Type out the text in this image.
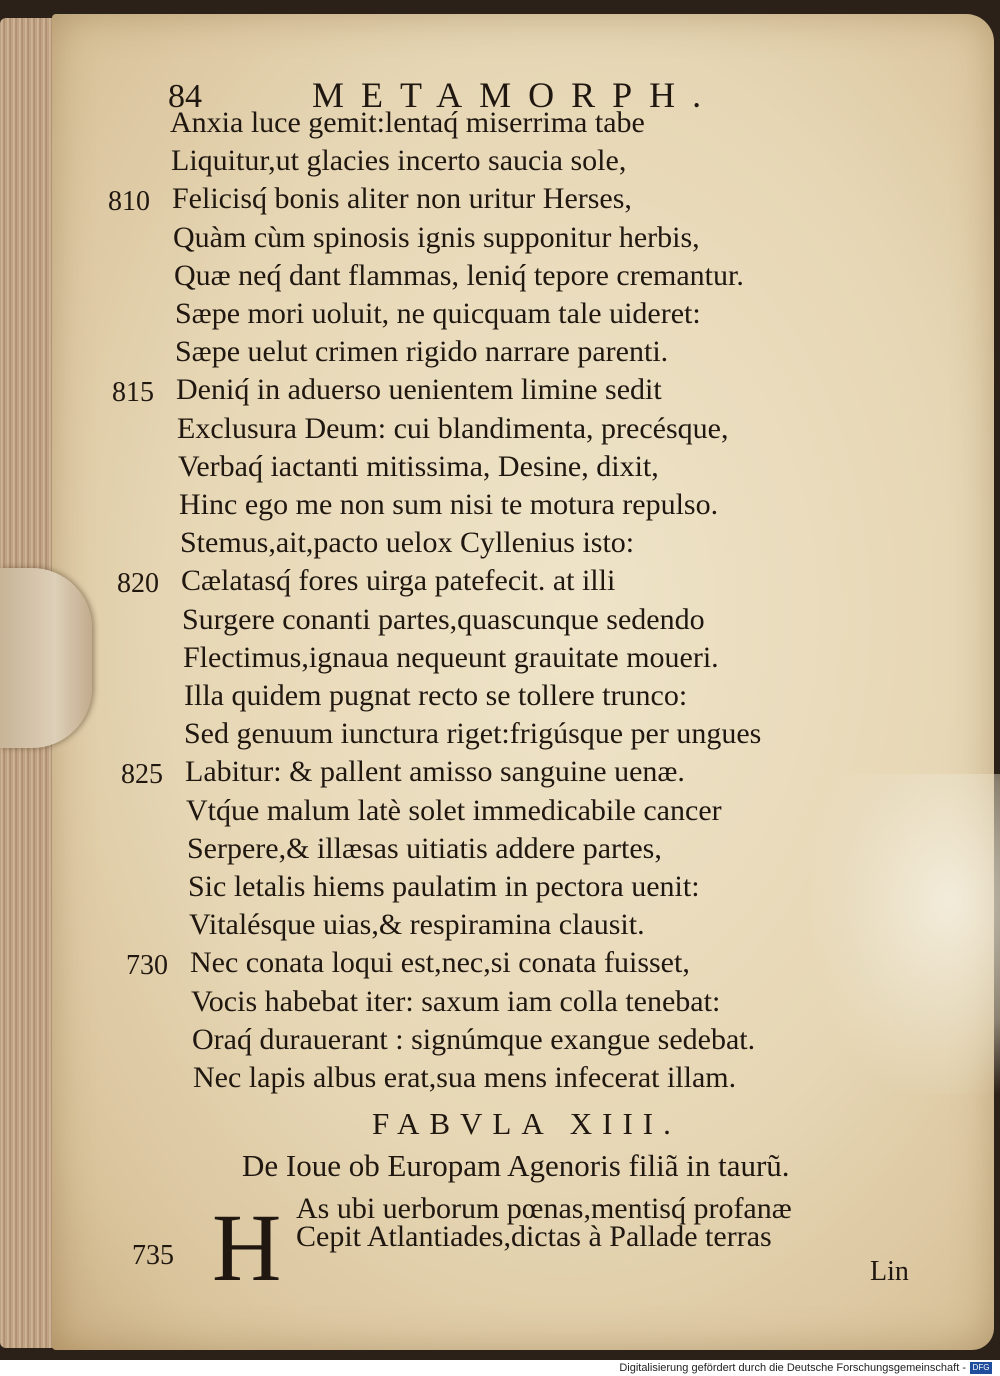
84	METAMORPH.
Anxia luce gemit:lentaq́ miserrima tabe
Liquitur,ut glacies incerto saucia sole,
Felicisq́ bonis aliter non uritur Herses,
810
Quàm cùm spinosis ignis supponitur herbis,
Quæ neq́ dant flammas, leniq́ tepore cremantur.
Sæpe mori uoluit, ne quicquam tale uideret:
Sæpe uelut crimen rigido narrare parenti.
Deniq́ in aduerso uenientem limine sedit
815
Exclusura Deum: cui blandimenta, precésque,
Verbaq́ iactanti mitissima, Desine, dixit,
Hinc ego me non sum nisi te motura repulso.
Stemus,ait,pacto uelox Cyllenius isto:
Cælatasq́ fores uirga patefecit. at illi
820
Surgere conanti partes,quascunque sedendo
Flectimus,ignaua nequeunt grauitate moueri.
Illa quidem pugnat recto se tollere trunco:
Sed genuum iunctura riget:frigúsque per ungues
Labitur: & pallent amisso sanguine uenæ.
825
Vtq́ue malum latè solet immedicabile cancer
Serpere,& illæsas uitiatis addere partes,
Sic letalis hiems paulatim in pectora uenit:
Vitalésque uias,& respiramina clausit.
Nec conata loqui est,nec,si conata fuisset,
730
Vocis habebat iter: saxum iam colla tenebat:
Oraq́ durauerant : signúmque exangue sedebat.
Nec lapis albus erat,sua mens infecerat illam.
FABVLA XIII.
De Ioue ob Europam Agenoris filiã in taurũ.
735 H As ubi uerborum pœnas,mentisq́ profanæ
Cepit Atlantiades,dictas à Pallade terras
Lin
Digitalisierung gefördert durch die Deutsche Forschungsgemeinschaft - DFG
